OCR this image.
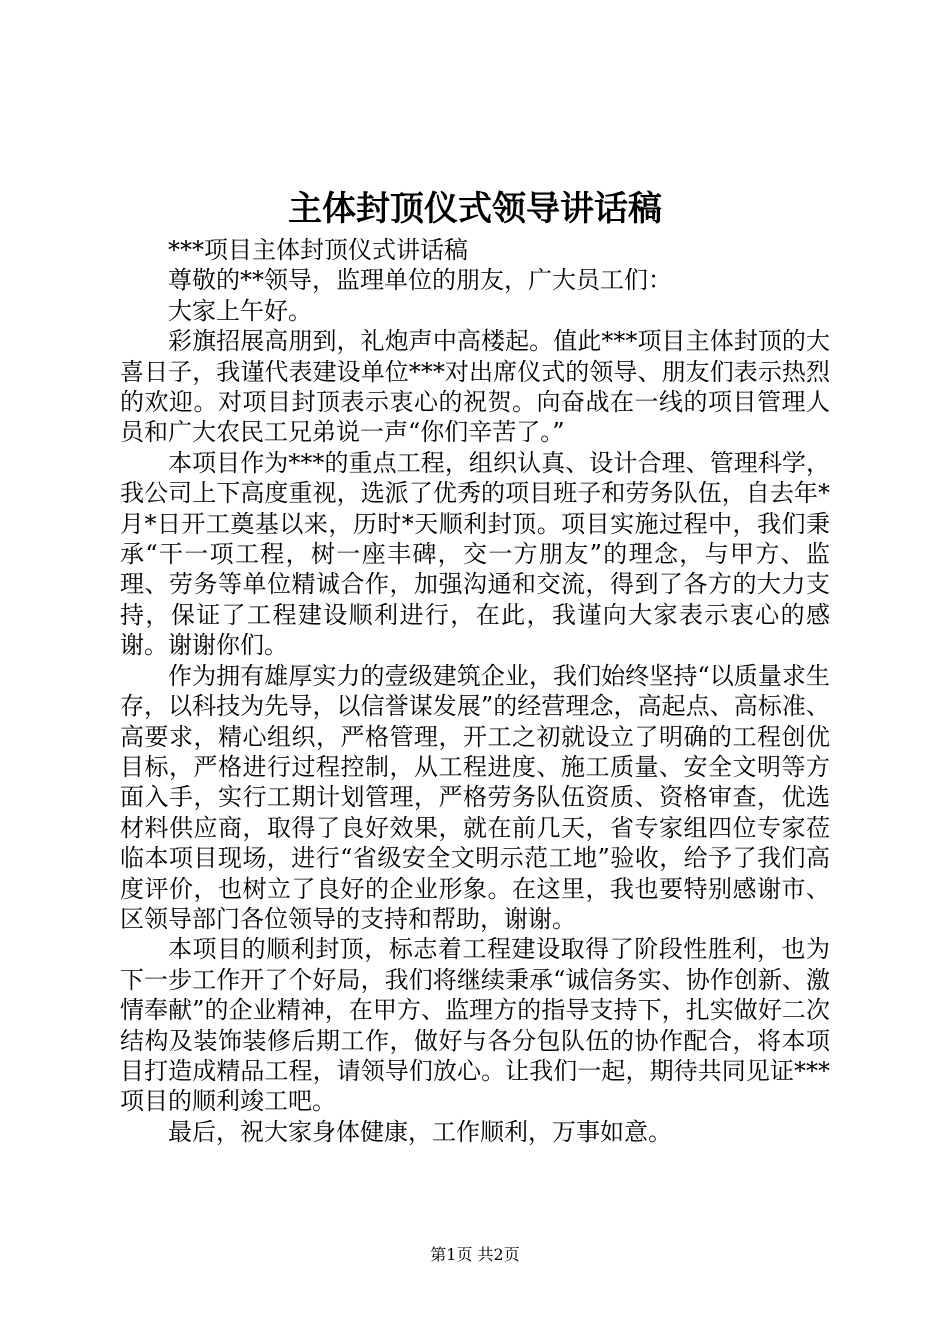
主体封顶仪式领导讲话稿

***项目主体封顶仪式讲话稿

尊敬的**领导，监理单位的朋友，广大员工们：

大家上午好。

彩旗招展高朋到，礼炮声中高楼起。值此***项目主体封顶的大喜日子，我谨代表建设单位***对出席仪式的领导、朋友们表示热烈的欢迎。对项目封顶表示衷心的祝贺。向奋战在一线的项目管理人员和广大农民工兄弟说一声“你们辛苦了。”

本项目作为***的重点工程，组织认真、设计合理、管理科学，我公司上下高度重视，选派了优秀的项目班子和劳务队伍，自去年*月*日开工奠基以来，历时*天顺利封顶。项目实施过程中，我们秉承“干一项工程，树一座丰碑，交一方朋友”的理念，与甲方、监理、劳务等单位精诚合作，加强沟通和交流，得到了各方的大力支持，保证了工程建设顺利进行，在此，我谨向大家表示衷心的感谢。谢谢你们。

作为拥有雄厚实力的壹级建筑企业，我们始终坚持“以质量求生存，以科技为先导，以信誉谋发展”的经营理念，高起点、高标准、高要求，精心组织，严格管理，开工之初就设立了明确的工程创优目标，严格进行过程控制，从工程进度、施工质量、安全文明等方面入手，实行工期计划管理，严格劳务队伍资质、资格审查，优选材料供应商，取得了良好效果，就在前几天，省专家组四位专家莅临本项目现场，进行“省级安全文明示范工地”验收，给予了我们高度评价，也树立了良好的企业形象。在这里，我也要特别感谢市、区领导部门各位领导的支持和帮助，谢谢。

本项目的顺利封顶，标志着工程建设取得了阶段性胜利，也为下一步工作开了个好局，我们将继续秉承“诚信务实、协作创新、激情奉献”的企业精神，在甲方、监理方的指导支持下，扎实做好二次结构及装饰装修后期工作，做好与各分包队伍的协作配合，将本项目打造成精品工程，请领导们放心。让我们一起，期待共同见证***项目的顺利竣工吧。

最后，祝大家身体健康，工作顺利，万事如意。

第1页 共2页
